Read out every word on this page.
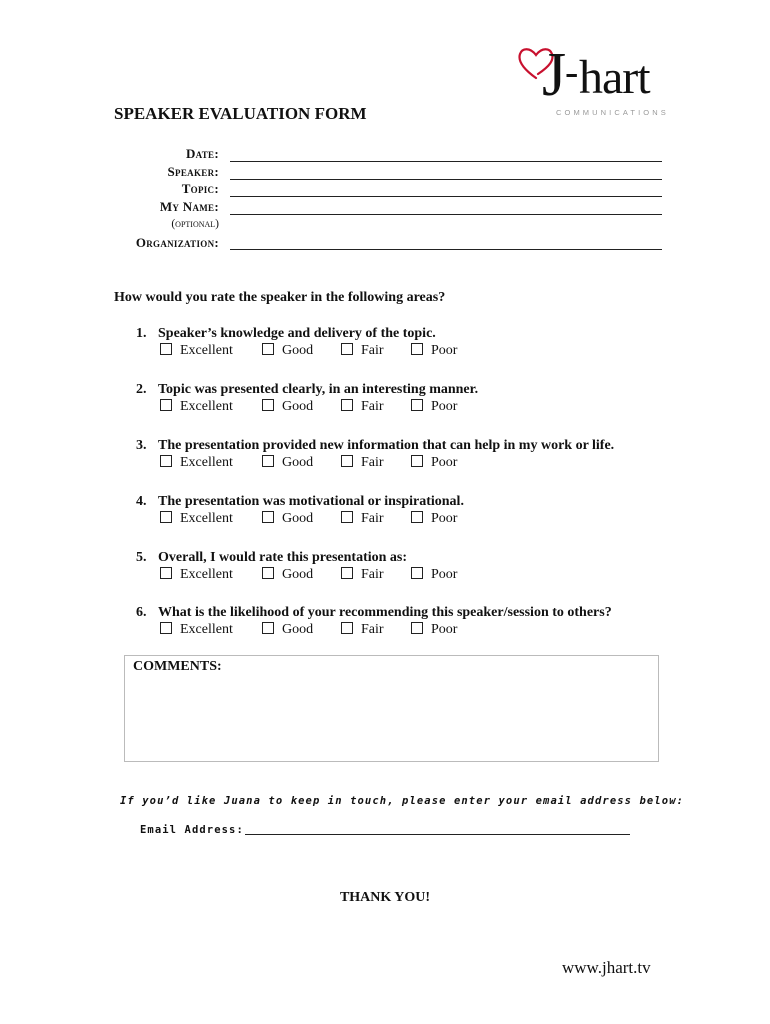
J
- hart
COMMUNICATIONS
SPEAKER EVALUATION FORM
Date:
Speaker:
Topic:
My Name:
(optional)
Organization:
How would you rate the speaker in the following areas?
1. Speaker’s knowledge and delivery of the topic.
Excellent	Good	Fair	Poor
2. Topic was presented clearly, in an interesting manner.
Excellent	Good	Fair	Poor
3. The presentation provided new information that can help in my work or life.
Excellent	Good	Fair	Poor
4. The presentation was motivational or inspirational.
Excellent	Good	Fair	Poor
5. Overall, I would rate this presentation as:
Excellent	Good	Fair	Poor
6. What is the likelihood of your recommending this speaker/session to others?
Excellent	Good	Fair	Poor
COMMENTS:
If you’d like Juana to keep in touch, please enter your email address below:
Email Address:
THANK YOU!
www.jhart.tv
